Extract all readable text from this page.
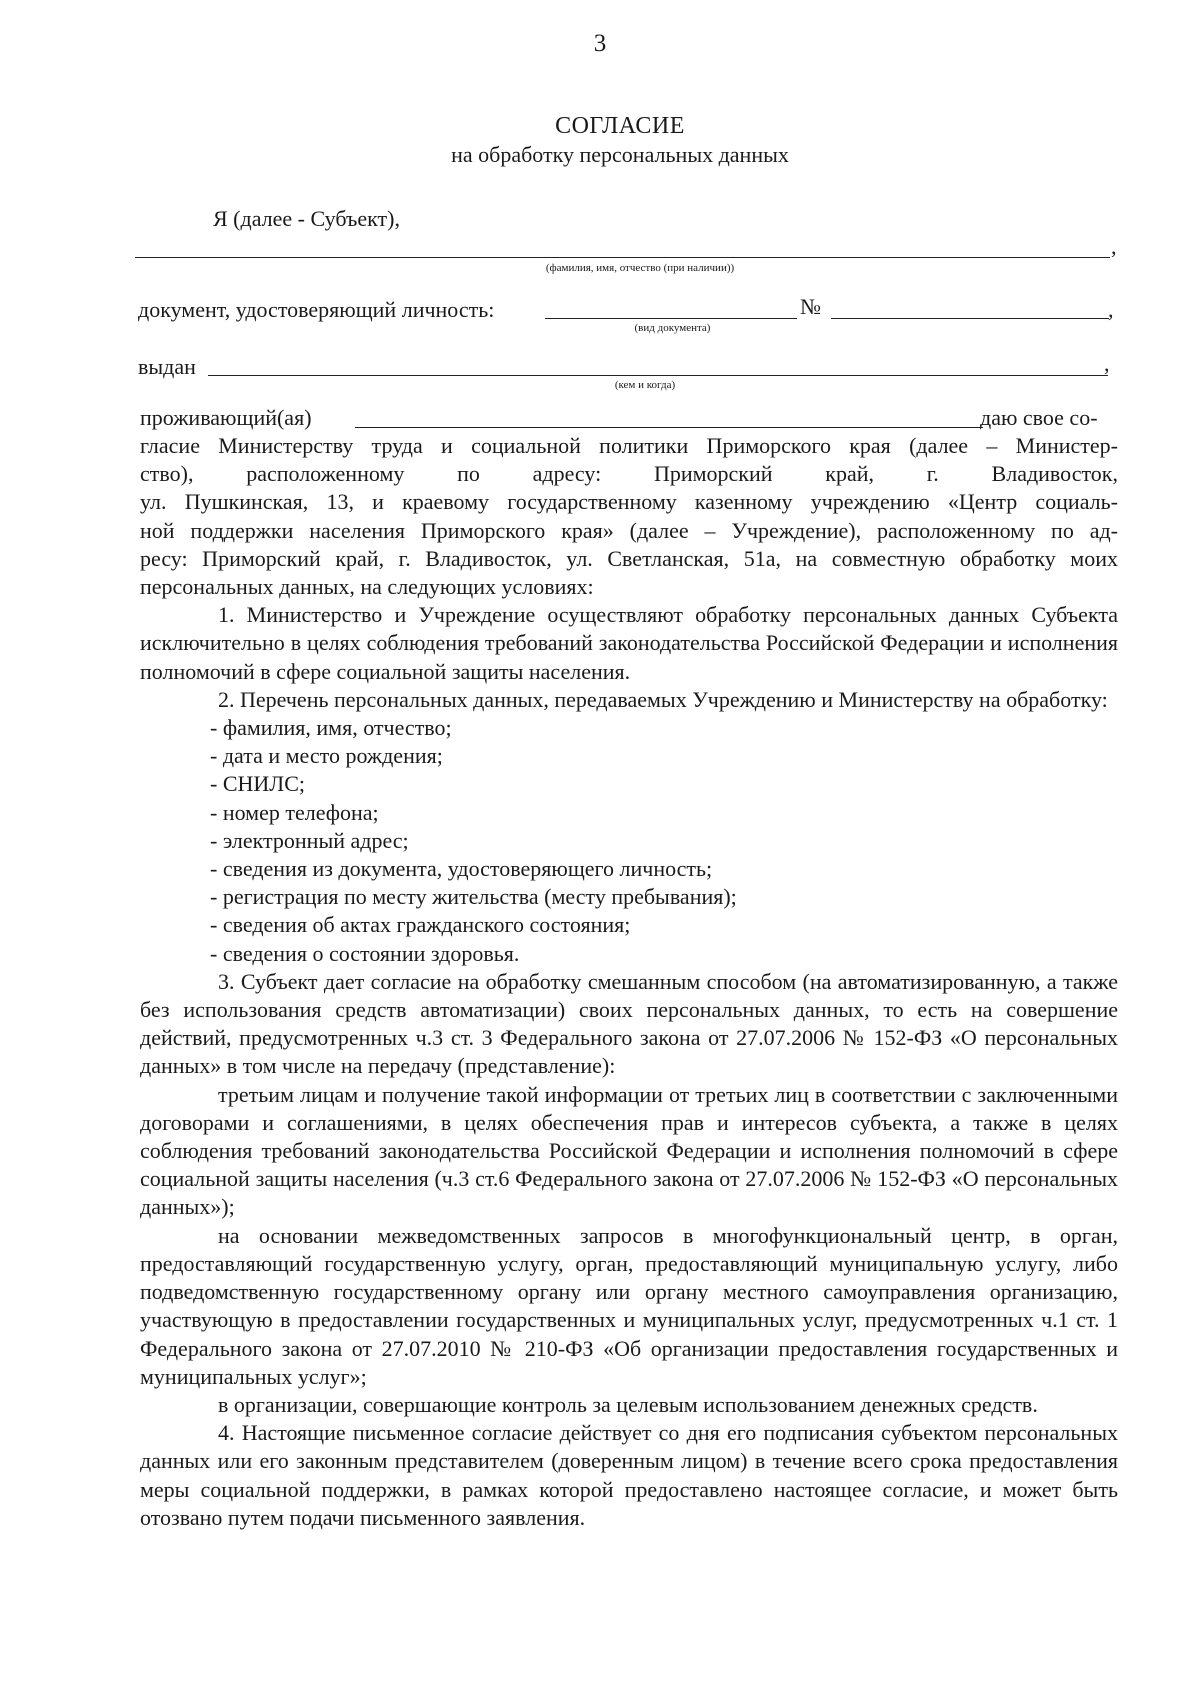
3
СОГЛАСИЕ
на обработку персональных данных
Я (далее - Субъект),
,
(фамилия, имя, отчество (при наличии))
документ, удостоверяющий личность:
(вид документа)
№	,
выдан	,
(кем и когда)
проживающий(ая)	даю свое со-

гласие Министерству труда и социальной политики Приморского края (далее – Министер-

ство), расположенному по адресу: Приморский край, г. Владивосток,

ул. Пушкинская, 13, и краевому государственному казенному учреждению «Центр социаль-

ной поддержки населения Приморского края» (далее – Учреждение), расположенному по ад-

ресу: Приморский край, г. Владивосток, ул. Светланская, 51а, на совместную обработку моих

персональных данных, на следующих условиях:

1. Министерство и Учреждение осуществляют обработку персональных данных Субъекта исключительно в целях соблюдения требований законодательства Российской Федерации и исполнения полномочий в сфере социальной защиты населения.

2. Перечень персональных данных, передаваемых Учреждению и Министерству на обработку:

- фамилия, имя, отчество;

- дата и место рождения;

- СНИЛС;

- номер телефона;

- электронный адрес;

- сведения из документа, удостоверяющего личность;

- регистрация по месту жительства (месту пребывания);

- сведения об актах гражданского состояния;

- сведения о состоянии здоровья.

3. Субъект дает согласие на обработку смешанным способом (на автоматизированную, а также без использования средств автоматизации) своих персональных данных, то есть на совершение действий, предусмотренных ч.3 ст. 3 Федерального закона от 27.07.2006 № 152-ФЗ «О персональных данных» в том числе на передачу (представление):

третьим лицам и получение такой информации от третьих лиц в соответствии с заключенными договорами и соглашениями, в целях обеспечения прав и интересов субъекта, а также в целях соблюдения требований законодательства Российской Федерации и исполнения полномочий в сфере социальной защиты населения (ч.3 ст.6 Федерального закона от 27.07.2006 № 152-ФЗ «О персональных данных»);

на основании межведомственных запросов в многофункциональный центр, в орган, предоставляющий государственную услугу, орган, предоставляющий муниципальную услугу, либо подведомственную государственному органу или органу местного самоуправления организацию, участвующую в предоставлении государственных и муниципальных услуг, предусмотренных ч.1 ст. 1 Федерального закона от 27.07.2010 № 210-ФЗ «Об организации предоставления государственных и муниципальных услуг»;

в организации, совершающие контроль за целевым использованием денежных средств.

4. Настоящие письменное согласие действует со дня его подписания субъектом персональных данных или его законным представителем (доверенным лицом) в течение всего срока предоставления меры социальной поддержки, в рамках которой предоставлено настоящее согласие, и может быть отозвано путем подачи письменного заявления.
